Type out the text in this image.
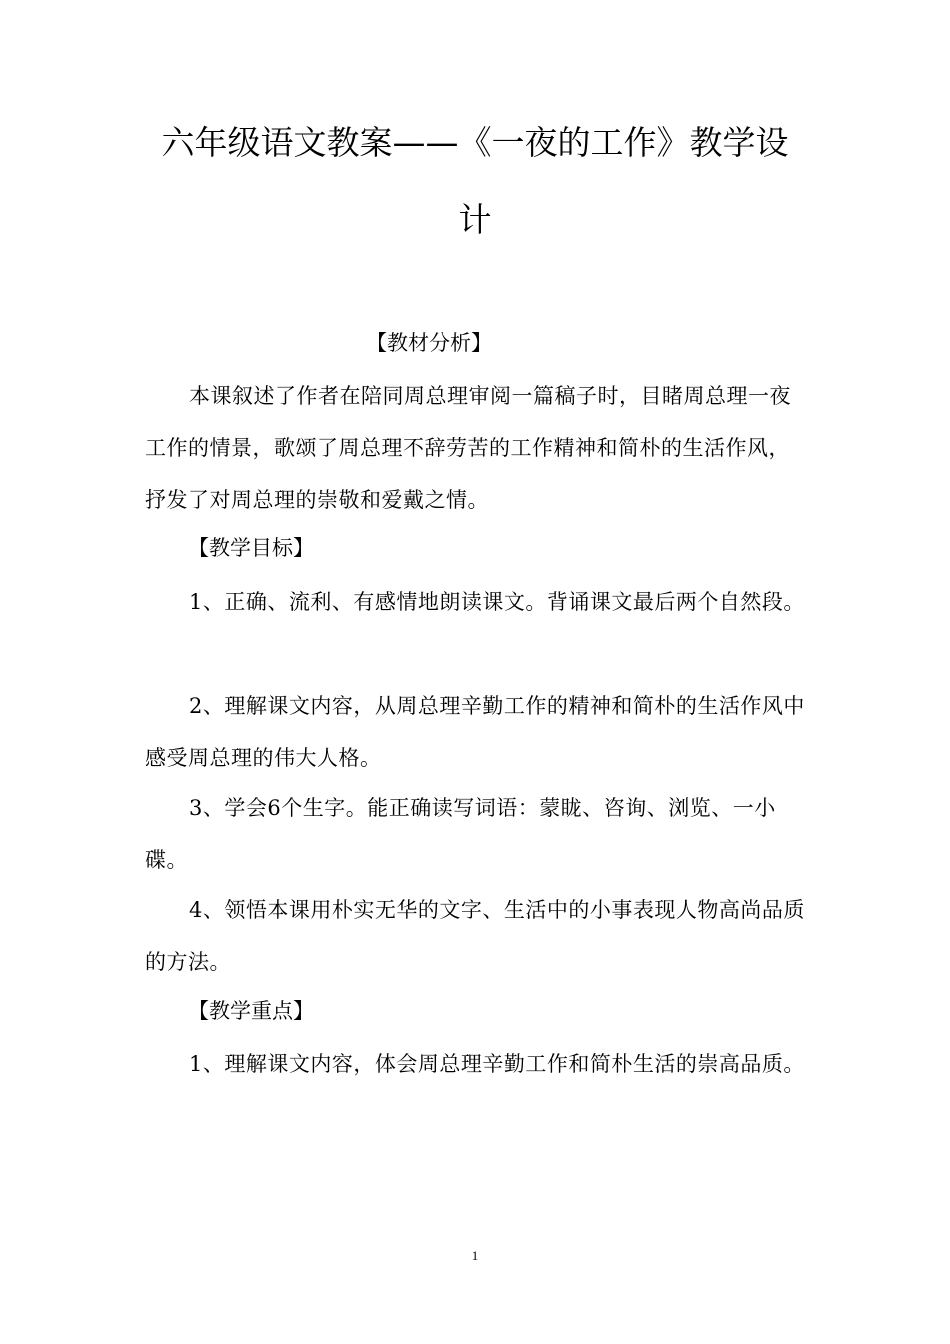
六年级语文教案——《一夜的工作》教学设
计
【教材分析】

本课叙述了作者在陪同周总理审阅一篇稿子时，目睹周总理一夜工作的情景，歌颂了周总理不辞劳苦的工作精神和简朴的生活作风，抒发了对周总理的崇敬和爱戴之情。

【教学目标】

1、正确、流利、有感情地朗读课文。背诵课文最后两个自然段。

2、理解课文内容，从周总理辛勤工作的精神和简朴的生活作风中感受周总理的伟大人格。

3、学会6个生字。能正确读写词语：蒙眬、咨询、浏览、一小碟。

4、领悟本课用朴实无华的文字、生活中的小事表现人物高尚品质的方法。

【教学重点】

1、理解课文内容，体会周总理辛勤工作和简朴生活的崇高品质。

1
